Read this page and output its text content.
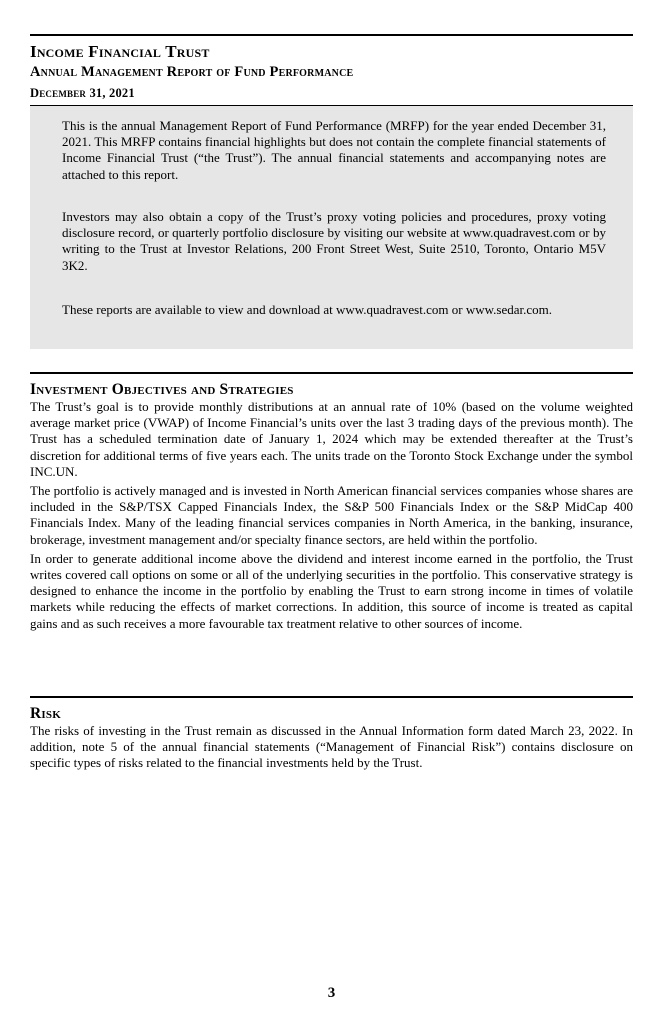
Income Financial Trust
Annual Management Report of Fund Performance
December 31, 2021

This is the annual Management Report of Fund Performance (MRFP) for the year ended December 31, 2021. This MRFP contains financial highlights but does not contain the complete financial statements of Income Financial Trust (“the Trust”). The annual financial statements and accompanying notes are attached to this report.

Investors may also obtain a copy of the Trust’s proxy voting policies and procedures, proxy voting disclosure record, or quarterly portfolio disclosure by visiting our website at www.quadravest.com or by writing to the Trust at Investor Relations, 200 Front Street West, Suite 2510, Toronto, Ontario M5V 3K2.

These reports are available to view and download at www.quadravest.com or www.sedar.com.

Investment Objectives and Strategies

The Trust’s goal is to provide monthly distributions at an annual rate of 10% (based on the volume weighted average market price (VWAP) of Income Financial’s units over the last 3 trading days of the previous month). The Trust has a scheduled termination date of January 1, 2024 which may be extended thereafter at the Trust’s discretion for additional terms of five years each. The units trade on the Toronto Stock Exchange under the symbol INC.UN.

The portfolio is actively managed and is invested in North American financial services companies whose shares are included in the S&P/TSX Capped Financials Index, the S&P 500 Financials Index or the S&P MidCap 400 Financials Index. Many of the leading financial services companies in North America, in the banking, insurance, brokerage, investment management and/or specialty finance sectors, are held within the portfolio.

In order to generate additional income above the dividend and interest income earned in the portfolio, the Trust writes covered call options on some or all of the underlying securities in the portfolio. This conservative strategy is designed to enhance the income in the portfolio by enabling the Trust to earn strong income in times of volatile markets while reducing the effects of market corrections. In addition, this source of income is treated as capital gains and as such receives a more favourable tax treatment relative to other sources of income.

Risk

The risks of investing in the Trust remain as discussed in the Annual Information form dated March 23, 2022. In addition, note 5 of the annual financial statements (“Management of Financial Risk”) contains disclosure on specific types of risks related to the financial investments held by the Trust.

3
